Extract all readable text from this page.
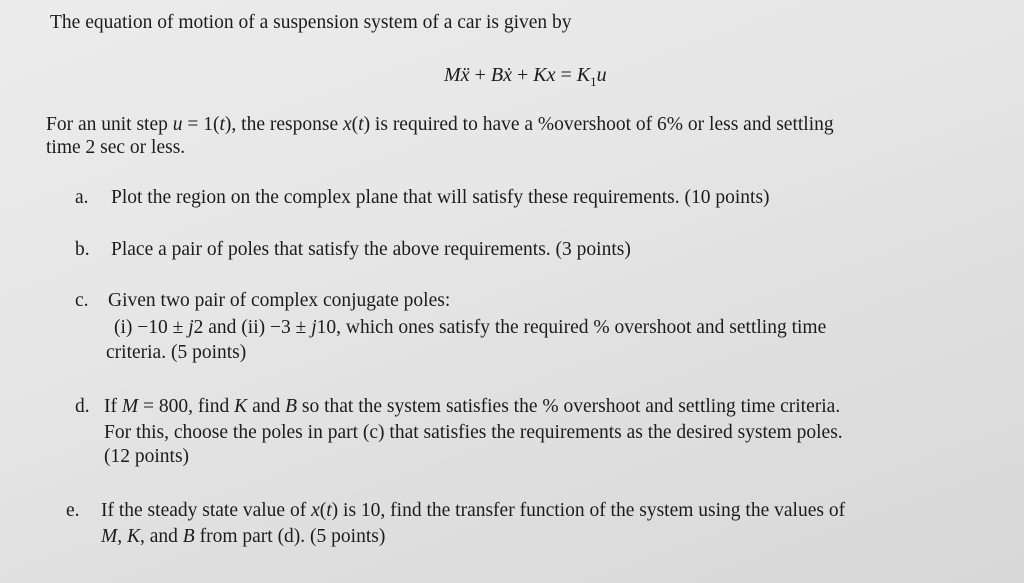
The equation of motion of a suspension system of a car is given by
Mẍ + Bẋ + $Kx = K_1u$
For an unit step u = 1(t), the response x(t) is required to have a %overshoot of 6% or less and settling
time 2 sec or less.
a. Plot the region on the complex plane that will satisfy these requirements. (10 points)
b. Place a pair of poles that satisfy the above requirements. (3 points)
c. Given two pair of complex conjugate poles:
(i) −10 ± j2 and (ii) −3 ± j10, which ones satisfy the required % overshoot and settling time
criteria. (5 points)
d. If M = 800, find K and B so that the system satisfies the % overshoot and settling time criteria.
For this, choose the poles in part (c) that satisfies the requirements as the desired system poles.
(12 points)
e. If the steady state value of x(t) is 10, find the transfer function of the system using the values of
M, K, and B from part (d). (5 points)
